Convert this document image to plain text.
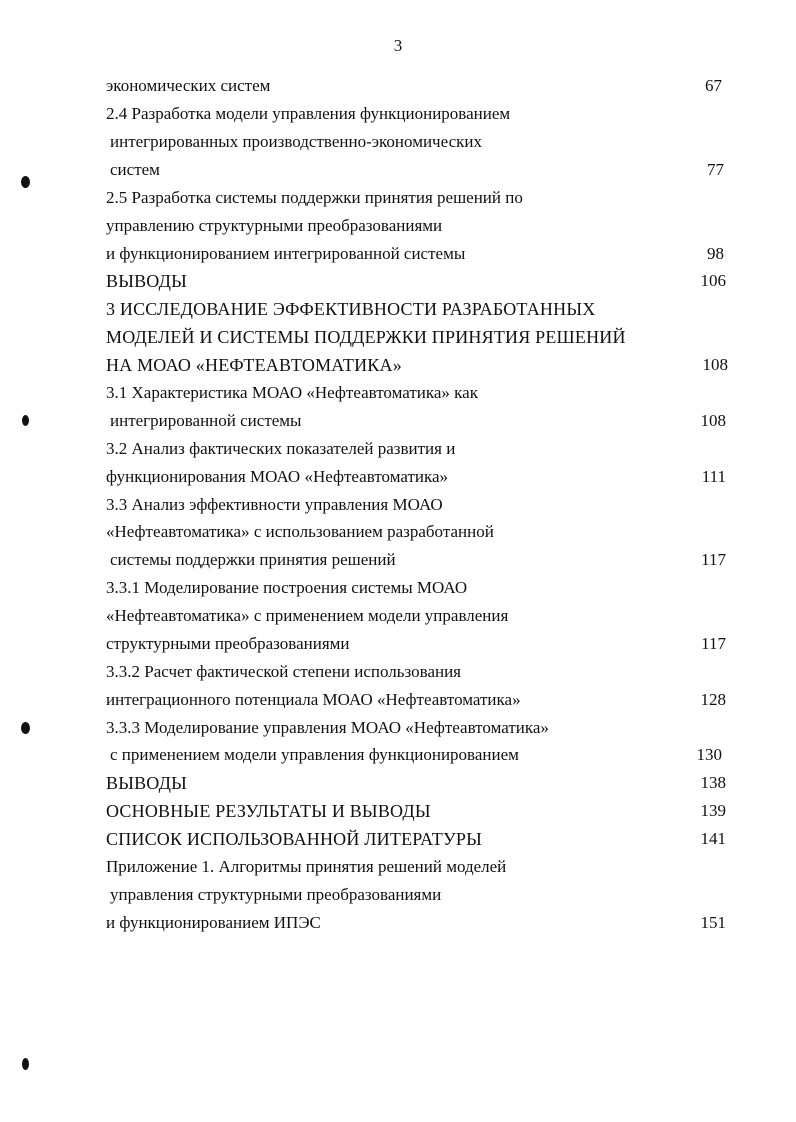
3
экономических систем	67
2.4 Разработка модели управления функционированием
интегрированных производственно-экономических
систем	77
2.5 Разработка системы поддержки принятия решений по
управлению структурными преобразованиями
и функционированием интегрированной системы	98
ВЫВОДЫ	106
3 ИССЛЕДОВАНИЕ ЭФФЕКТИВНОСТИ РАЗРАБОТАННЫХ
МОДЕЛЕЙ И СИСТЕМЫ ПОДДЕРЖКИ ПРИНЯТИЯ РЕШЕНИЙ
НА МОАО «НЕФТЕАВТОМАТИКА»	108
3.1 Характеристика МОАО «Нефтеавтоматика» как
интегрированной системы	108
3.2 Анализ фактических показателей развития и
функционирования МОАО «Нефтеавтоматика»	111
3.3 Анализ эффективности управления МОАО
«Нефтеавтоматика» с использованием разработанной
системы поддержки принятия решений	117
3.3.1 Моделирование построения системы МОАО
«Нефтеавтоматика» с применением модели управления
структурными преобразованиями	117
3.3.2 Расчет фактической степени использования
интеграционного потенциала МОАО «Нефтеавтоматика»	128
3.3.3 Моделирование управления МОАО «Нефтеавтоматика»
с применением модели управления функционированием	130
ВЫВОДЫ	138
ОСНОВНЫЕ РЕЗУЛЬТАТЫ И ВЫВОДЫ	139
СПИСОК ИСПОЛЬЗОВАННОЙ ЛИТЕРАТУРЫ	141
Приложение 1. Алгоритмы принятия решений моделей
управления структурными преобразованиями
и функционированием ИПЭС	151
